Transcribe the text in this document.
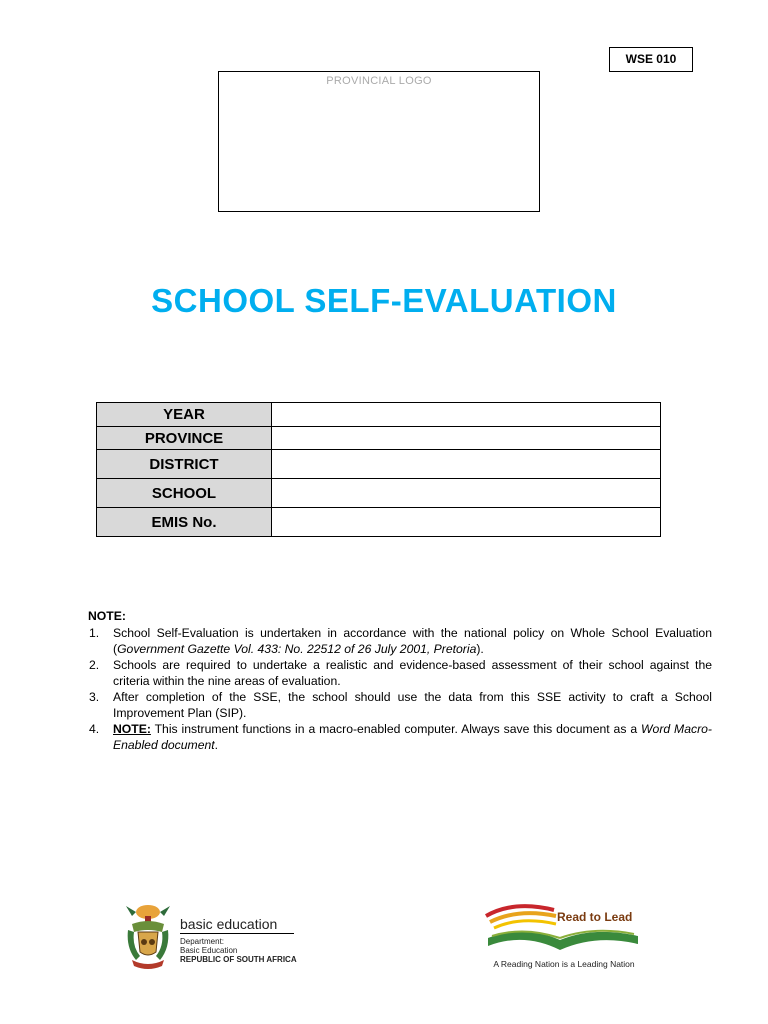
WSE 010
PROVINCIAL LOGO
SCHOOL SELF-EVALUATION
YEAR	
PROVINCE	
DISTRICT	
SCHOOL	
EMIS No.	
NOTE:
1. School Self-Evaluation is undertaken in accordance with the national policy on Whole School Evaluation (Government Gazette Vol. 433: No. 22512 of 26 July 2001, Pretoria).
2. Schools are required to undertake a realistic and evidence-based assessment of their school against the criteria within the nine areas of evaluation.
3. After completion of the SSE, the school should use the data from this SSE activity to craft a School Improvement Plan (SIP).
4. NOTE: This instrument functions in a macro-enabled computer. Always save this document as a Word Macro-Enabled document.
basic education
Department:
Basic Education
REPUBLIC OF SOUTH AFRICA
Read to Lead
A Reading Nation is a Leading Nation
